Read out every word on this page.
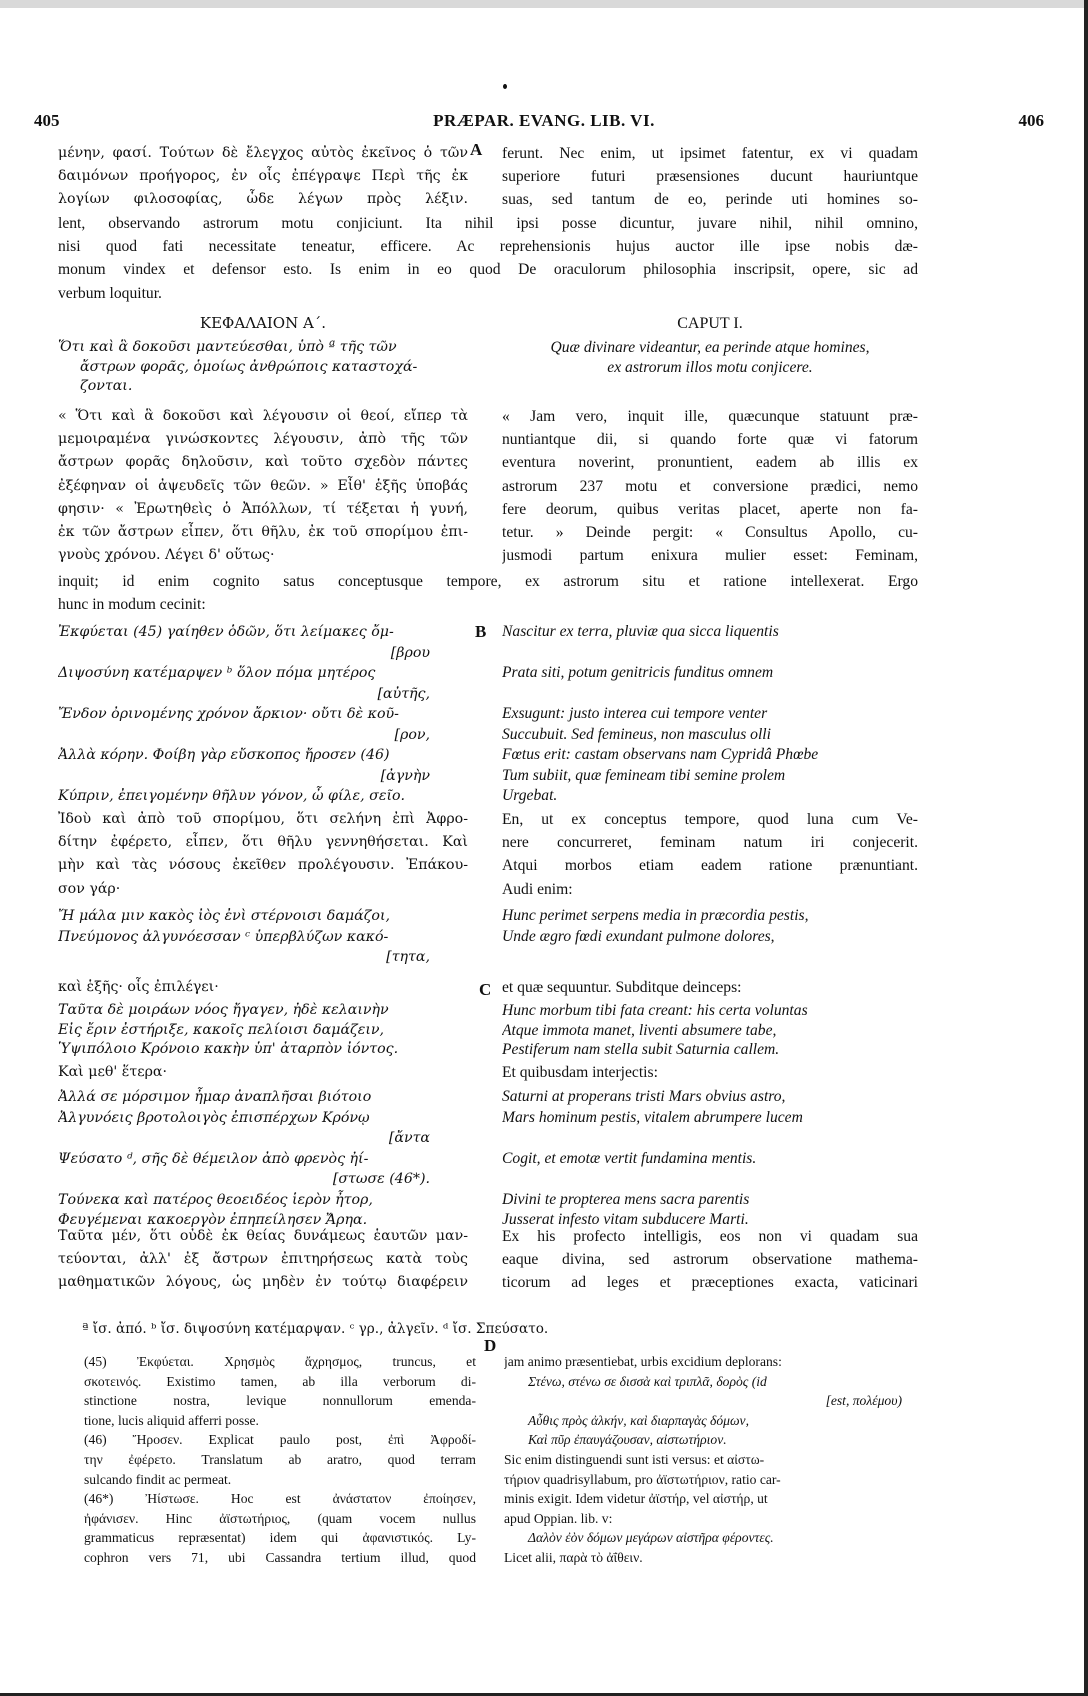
405	PRÆPAR. EVANG. LIB. VI.	406
A
B
C
D
μένην, φασί. Τούτων δὲ ἔλεγχος αὐτὸς ἐκεῖνος ὁ τῶν
δαιμόνων προήγορος, ἐν οἷς ἐπέγραψε Περὶ τῆς ἐκ
λογίων φιλοσοφίας, ὧδε λέγων πρὸς λέξιν.
ferunt. Nec enim, ut ipsimet fatentur, ex vi quadam
superiore futuri præsensiones ducunt hauriuntque
suas, sed tantum de eo, perinde uti homines so-
lent, observando astrorum motu conjiciunt. Ita nihil ipsi posse dicuntur, juvare nihil, nihil omnino,
nisi quod fati necessitate teneatur, efficere. Ac reprehensionis hujus auctor ille ipse nobis dæ-
monum vindex et defensor esto. Is enim in eo quod De oraculorum philosophia inscripsit, opere, sic ad
verbum loquitur.
ΚΕΦΑΛΑΙΟΝ Α΄.	CAPUT I.
Ὅτι καὶ ἃ δοκοῦσι μαντεύεσθαι, ὑπὸ ª τῆς τῶν
ἄστρων φορᾶς, ὁμοίως ἀνθρώποις καταστοχά-
ζονται.
Quæ divinare videantur, ea perinde atque homines,
ex astrorum illos motu conjicere.
« Ὅτι καὶ ἃ δοκοῦσι καὶ λέγουσιν οἱ θεοί, εἴπερ τὰ
μεμοιραμένα γινώσκοντες λέγουσιν, ἀπὸ τῆς τῶν
ἄστρων φορᾶς δηλοῦσιν, καὶ τοῦτο σχεδὸν πάντες
ἐξέφηναν οἱ ἀψευδεῖς τῶν θεῶν. » Εἶθ' ἑξῆς ὑποβάς
φησιν· « Ἐρωτηθεὶς ὁ Ἀπόλλων, τί τέξεται ἡ γυνή,
ἐκ τῶν ἄστρων εἶπεν, ὅτι θῆλυ, ἐκ τοῦ σπορίμου ἐπι-
γνοὺς χρόνου. Λέγει δ' οὕτως·
« Jam vero, inquit ille, quæcunque statuunt præ-
nuntiantque dii, si quando forte quæ vi fatorum
eventura noverint, pronuntient, eadem ab illis ex
astrorum 237 motu et conversione prædici, nemo
fere deorum, quibus veritas placet, aperte non fa-
tetur. » Deinde pergit: « Consultus Apollo, cu-
jusmodi partum enixura mulier esset: Feminam,
inquit; id enim cognito satus conceptusque tempore, ex astrorum situ et ratione intellexerat. Ergo
hunc in modum cecinit:
Ἐκφύεται (45) γαίηθεν ὁδῶν, ὅτι λείμακες ὄμ-
[βρου
Διψοσύνη κατέμαρψεν ᵇ ὅλον πόμα μητέρος
[αὐτῆς,
Ἔνδον ὀρινομένης χρόνον ἄρκιον· οὔτι δὲ κοῦ-
[ρον,
Ἀλλὰ κόρην. Φοίβη γὰρ εὔσκοπος ἤροσεν (46)
[ἀγνὴν
Κύπριν, ἐπειγομένην θῆλυν γόνον, ὦ φίλε, σεῖο.
Nascitur ex terra, pluviæ qua sicca liquentis
Prata siti, potum genitricis funditus omnem
Exsugunt: justo interea cui tempore venter
Succubuit. Sed femineus, non masculus olli
Fœtus erit: castam observans nam Cypridâ Phœbe
Tum subiit, quæ femineam tibi semine prolem
Urgebat.
Ἰδοὺ καὶ ἀπὸ τοῦ σπορίμου, ὅτι σελήνη ἐπὶ Ἀφρο-
δίτην ἐφέρετο, εἶπεν, ὅτι θῆλυ γεννηθήσεται. Καὶ
μὴν καὶ τὰς νόσους ἐκεῖθεν προλέγουσιν. Ἐπάκου-
σον γάρ·
En, ut ex conceptus tempore, quod luna cum Ve-
nere concurreret, feminam natum iri conjecerit.
Atqui morbos etiam eadem ratione prænuntiant.
Audi enim:
Ἤ μάλα μιν κακὸς ἰὸς ἐνὶ στέρνοισι δαμάζοι,
Πνεύμονος ἀλγυνόεσσαν ᶜ ὑπερβλύζων κακό-
[τητα,
Hunc perimet serpens media in præcordia pestis,
Unde ægro fœdi exundant pulmone dolores,
καὶ ἑξῆς· οἷς ἐπιλέγει·	et quæ sequuntur. Subditque deinceps:
Ταῦτα δὲ μοιράων νόος ἤγαγεν, ἠδὲ κελαινὴν
Εἰς ἔριν ἐστήριξε, κακοῖς πελίοισι δαμάζειν,
Ὑψιπόλοιο Κρόνοιο κακὴν ὑπ' ἀταρπὸν ἰόντος.
Hunc morbum tibi fata creant: his certa voluntas
Atque immota manet, liventi absumere tabe,
Pestiferum nam stella subit Saturnia callem.
Καὶ μεθ' ἕτερα·	Et quibusdam interjectis:
Ἀλλά σε μόρσιμον ἦμαρ ἀναπλῆσαι βιότοιο
Ἀλγυνόεις βροτολοιγὸς ἐπισπέρχων Κρόνῳ
[ἄντα
Ψεύσατο ᵈ, σῆς δὲ θέμειλον ἀπὸ φρενὸς ἠί-
[στωσε (46*).
Τούνεκα καὶ πατέρος θεοειδέος ἱερὸν ἦτορ,
Φευγέμεναι κακοεργὸν ἐπηπείλησεν Ἄρηα.
Saturni at properans tristi Mars obvius astro,
Mars hominum pestis, vitalem abrumpere lucem
Cogit, et emotæ vertit fundamina mentis.
Divini te propterea mens sacra parentis
Jusserat infesto vitam subducere Marti.
Ταῦτα μέν, ὅτι οὐδὲ ἐκ θείας δυνάμεως ἑαυτῶν μαν-
τεύονται, ἀλλ' ἐξ ἄστρων ἐπιτηρήσεως κατὰ τοὺς
μαθηματικῶν λόγους, ὡς μηδὲν ἐν τούτῳ διαφέρειν
Ex his profecto intelligis, eos non vi quadam sua
eaque divina, sed astrorum observatione mathema-
ticorum ad leges et præceptiones exacta, vaticinari
ª ἴσ. ἀπό. ᵇ ἴσ. διψοσύνη κατέμαρψαν. ᶜ γρ., ἀλγεῖν. ᵈ ἴσ. Σπεύσατο.
(45) Ἐκφύεται. Χρησμὸς ἄχρησμος, truncus, et
σκοτεινός. Existimo tamen, ab illa verborum di-
stinctione nostra, levique nonnullorum emenda-
tione, lucis aliquid afferri posse.
(46) Ἤροσεν. Explicat paulo post, ἐπὶ Ἀφροδί-
την ἐφέρετο. Translatum ab aratro, quod terram
sulcando findit ac permeat.
(46*) Ἠίστωσε. Hoc est ἀνάστατον ἐποίησεν,
ἠφάνισεν. Hinc ἀϊστωτήριος, (quam vocem nullus
grammaticus repræsentat) idem qui ἀφανιστικός. Ly-
cophron vers 71, ubi Cassandra tertium illud, quod
jam animo præsentiebat, urbis excidium deplorans:
Στένω, στένω σε δισσὰ καὶ τριπλᾶ, δορὸς (id
[est, πολέμου)
Αὖθις πρὸς ἀλκήν, καὶ διαρπαγὰς δόμων,
Καὶ πῦρ ἐπαυγάζουσαν, αἰστωτήριον.
Sic enim distinguendi sunt isti versus: et αἰστω-
τήριον quadrisyllabum, pro ἀϊστωτήριον, ratio car-
minis exigit. Idem videtur ἀϊστήρ, vel αἰστήρ, ut
apud Oppian. lib. v:
Δαλὸν ἐὸν δόμων μεγάρων αἰστῆρα φέροντες.
Licet alii, παρὰ τὸ ἀΐθειν.
